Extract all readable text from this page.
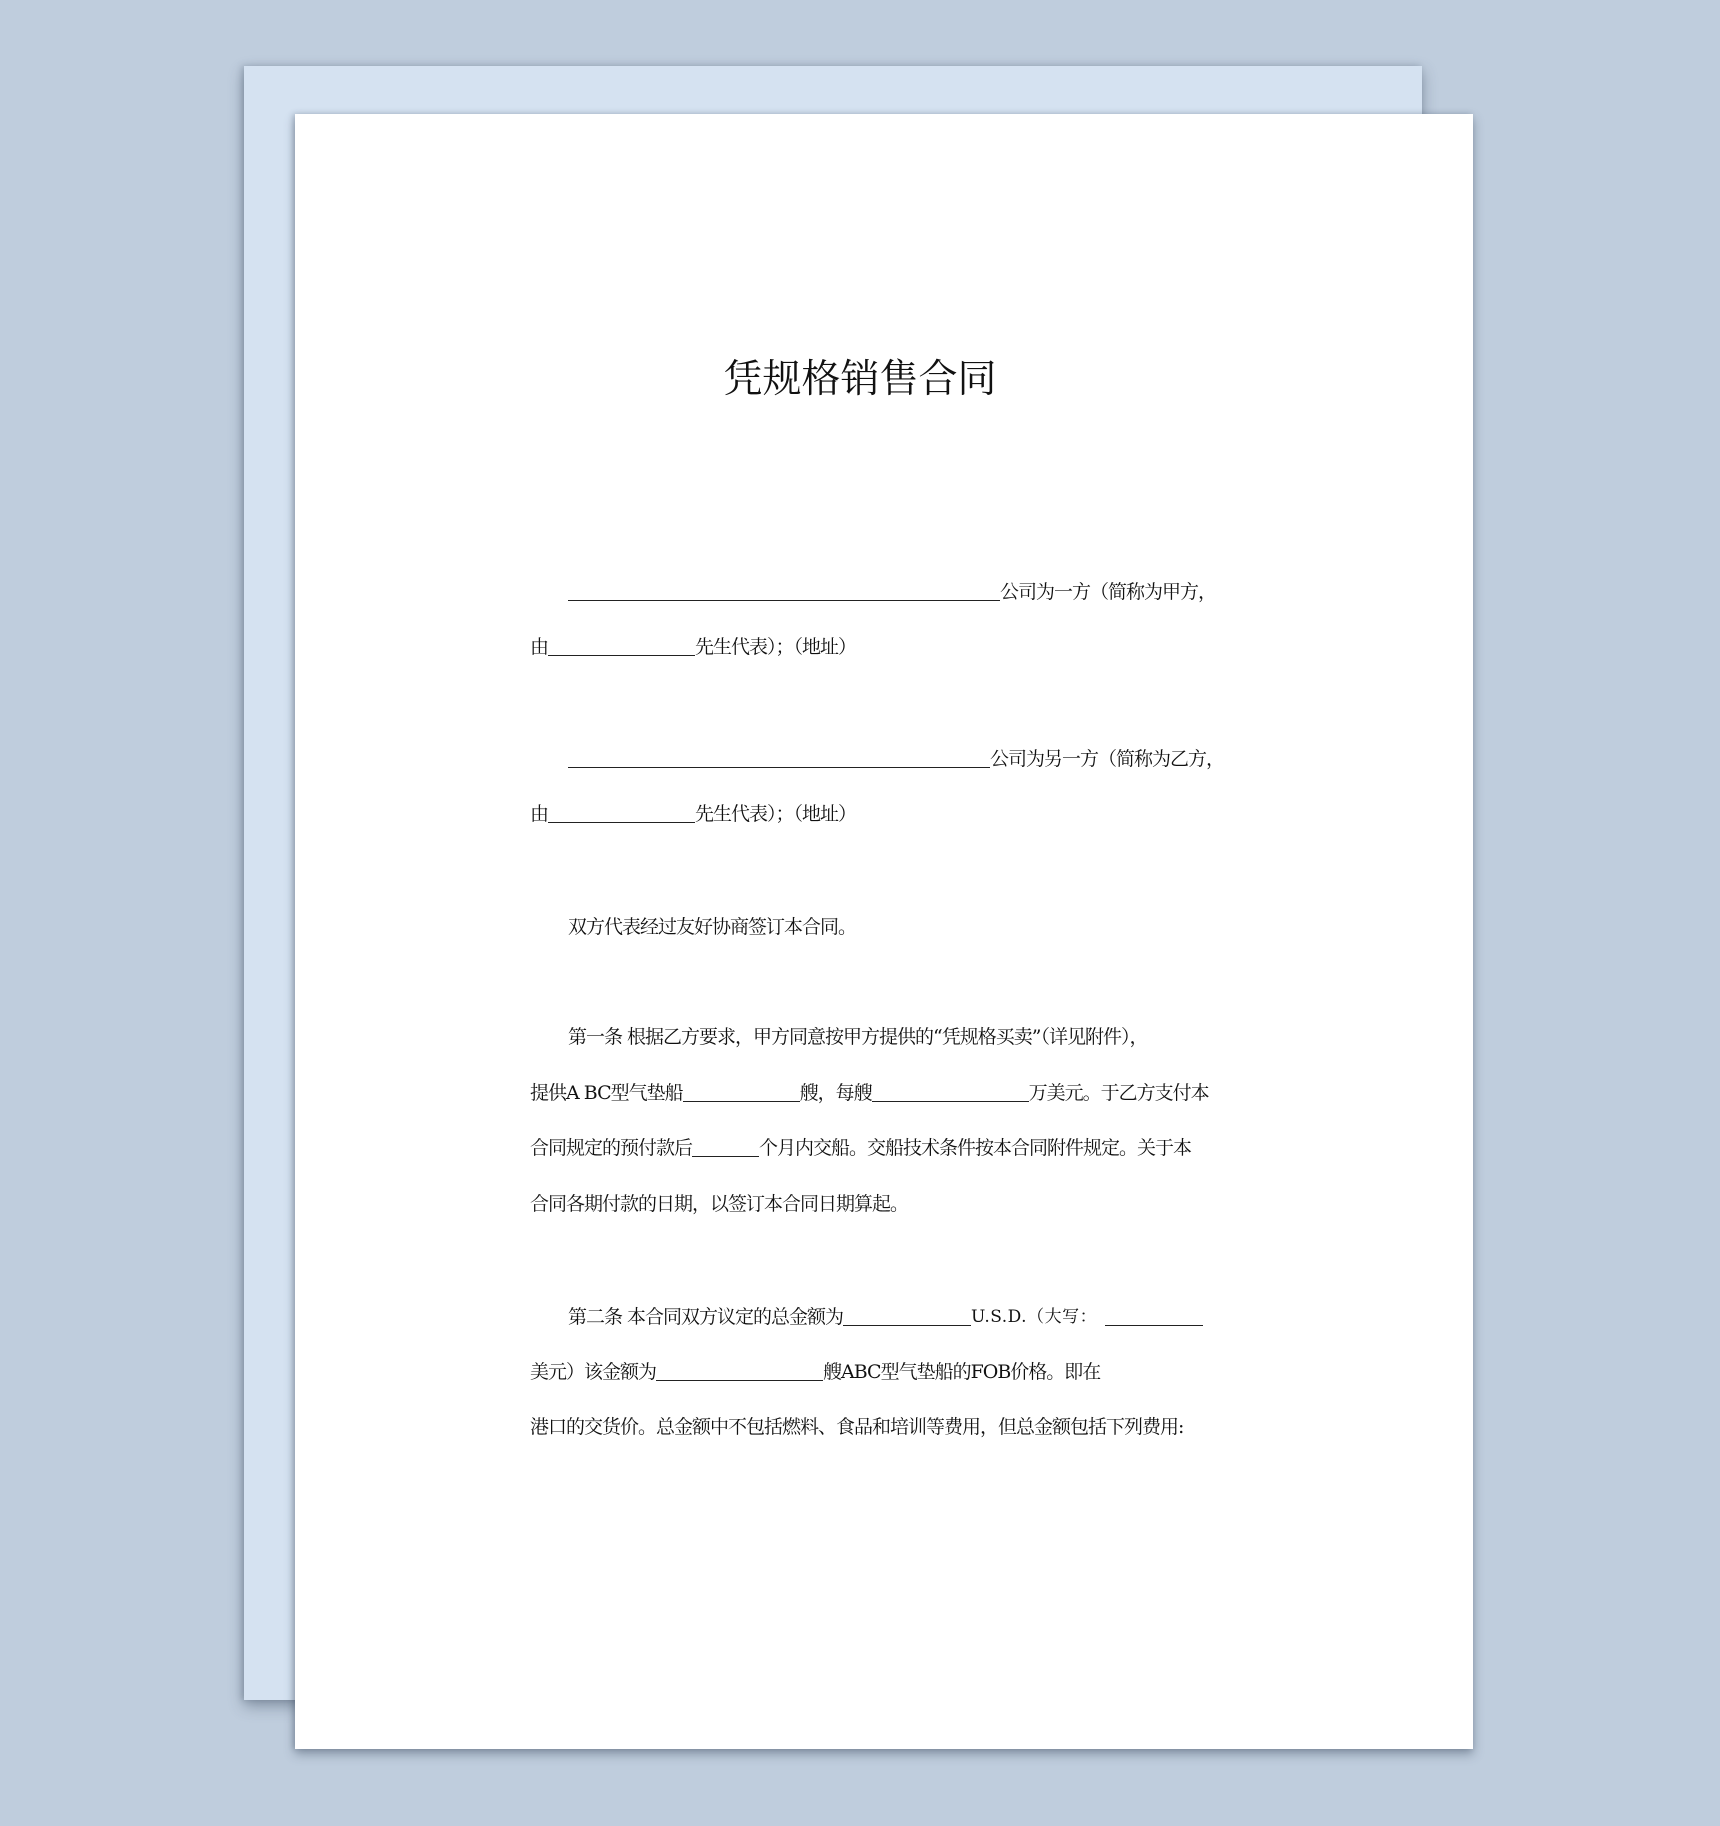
凭规格销售合同
公司为一方（简称为甲方，
由	先生代表）；（地址）
公司为另一方（简称为乙方，
由	先生代表）；（地址）
双方代表经过友好协商签订本合同。
第一条 根据乙方要求，甲方同意按甲方提供的“凭规格买卖”（详见附件），
提供A BC型气垫船	艘，每艘	万美元。于乙方支付本
合同规定的预付款后	个月内交船。交船技术条件按本合同附件规定。关于本
合同各期付款的日期，以签订本合同日期算起。
第二条 本合同双方议定的总金额为	U.S.D.（大写：
美元）该金额为	艘ABC型气垫船的FOB价格。即在
港口的交货价。总金额中不包括燃料、食品和培训等费用，但总金额包括下列费用:
